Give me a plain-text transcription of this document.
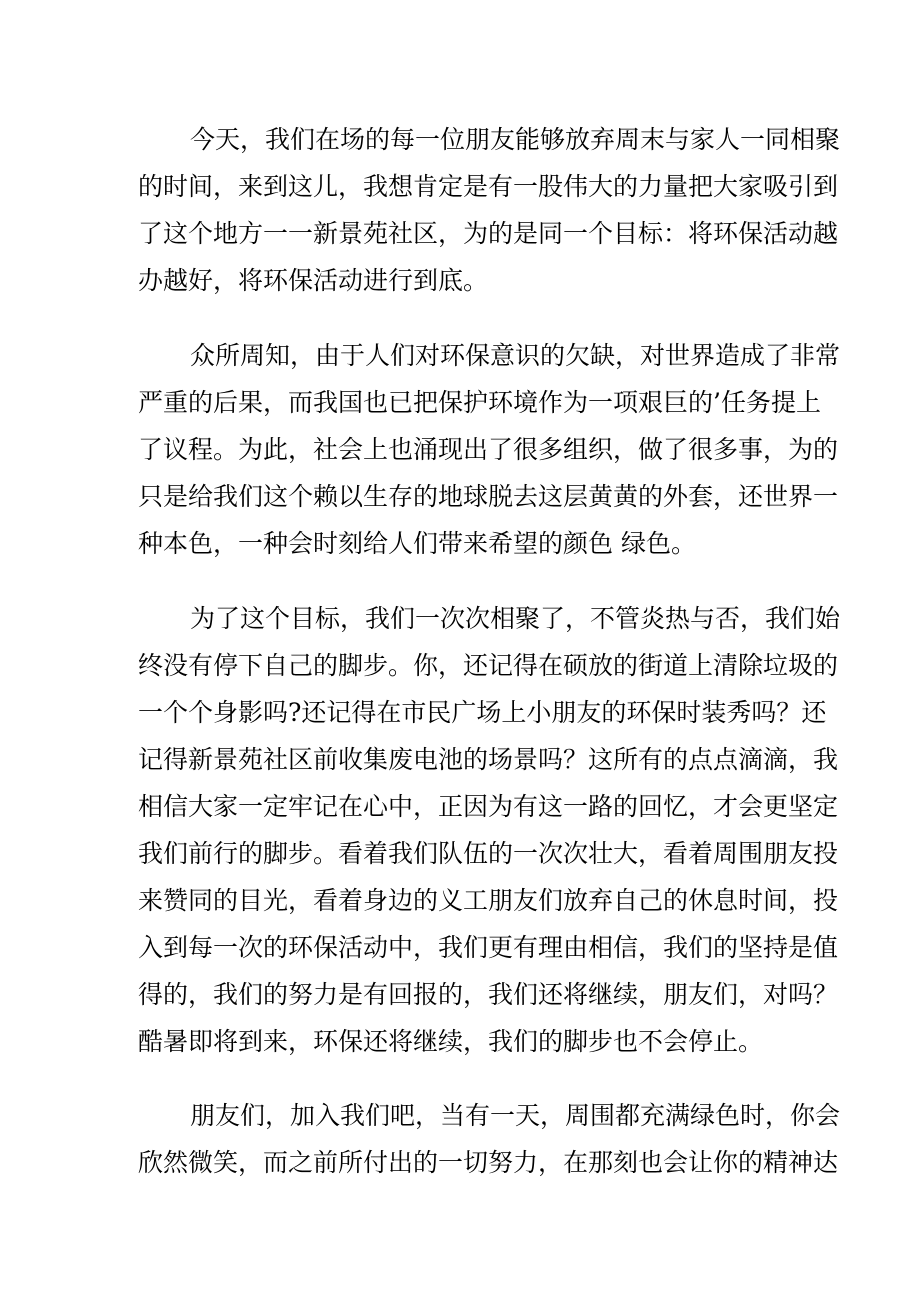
今天，我们在场的每一位朋友能够放弃周末与家人一同相聚
的时间，来到这儿，我想肯定是有一股伟大的力量把大家吸引到
了这个地方一一新景苑社区，为的是同一个目标：将环保活动越
办越好，将环保活动进行到底。
众所周知，由于人们对环保意识的欠缺，对世界造成了非常
严重的后果，而我国也已把保护环境作为一项艰巨的’任务提上
了议程。为此，社会上也涌现出了很多组织，做了很多事，为的
只是给我们这个赖以生存的地球脱去这层黄黄的外套，还世界一
种本色，一种会时刻给人们带来希望的颜色 绿色。
为了这个目标，我们一次次相聚了，不管炎热与否，我们始
终没有停下自己的脚步。你，还记得在硕放的街道上清除垃圾的
一个个身影吗?还记得在市民广场上小朋友的环保时装秀吗？还
记得新景苑社区前收集废电池的场景吗？这所有的点点滴滴，我
相信大家一定牢记在心中，正因为有这一路的回忆，才会更坚定
我们前行的脚步。看着我们队伍的一次次壮大，看着周围朋友投
来赞同的目光，看着身边的义工朋友们放弃自己的休息时间，投
入到每一次的环保活动中，我们更有理由相信，我们的坚持是值
得的，我们的努力是有回报的，我们还将继续，朋友们，对吗？
酷暑即将到来，环保还将继续，我们的脚步也不会停止。
朋友们，加入我们吧，当有一天，周围都充满绿色时，你会
欣然微笑，而之前所付出的一切努力，在那刻也会让你的精神达
